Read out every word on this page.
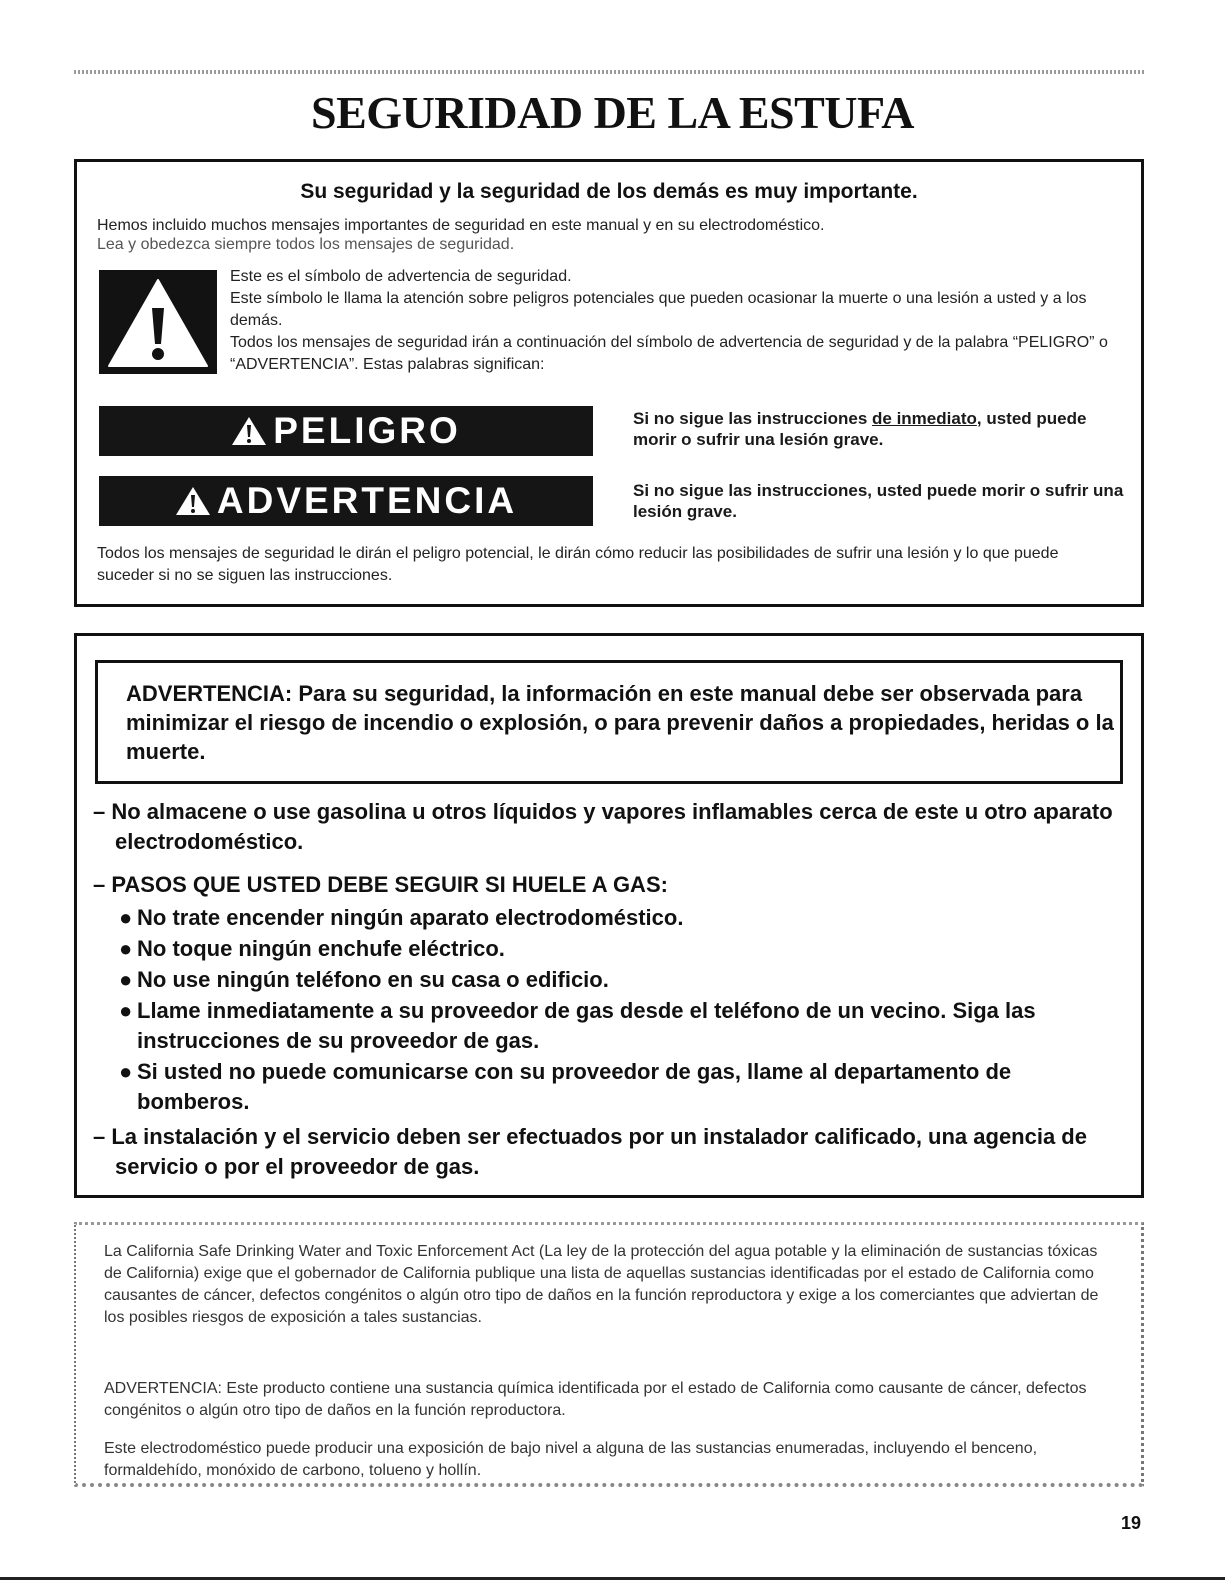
SEGURIDAD DE LA ESTUFA
Su seguridad y la seguridad de los demás es muy importante.

Hemos incluido muchos mensajes importantes de seguridad en este manual y en su electrodoméstico.

Lea y obedezca siempre todos los mensajes de seguridad.

Este es el símbolo de advertencia de seguridad.

Este símbolo le llama la atención sobre peligros potenciales que pueden ocasionar la muerte o una lesión a usted y a los demás.

Todos los mensajes de seguridad irán a continuación del símbolo de advertencia de seguridad y de la palabra “PELIGRO” o “ADVERTENCIA”. Estas palabras significan:

PELIGRO	Si no sigue las instrucciones de inmediato, usted puede morir o sufrir una lesión grave.

ADVERTENCIA	Si no sigue las instrucciones, usted puede morir o sufrir una lesión grave.

Todos los mensajes de seguridad le dirán el peligro potencial, le dirán cómo reducir las posibilidades de sufrir una lesión y lo que puede suceder si no se siguen las instrucciones.

ADVERTENCIA: Para su seguridad, la información en este manual debe ser observada para minimizar el riesgo de incendio o explosión, o para prevenir daños a propiedades, heridas o la muerte.

– No almacene o use gasolina u otros líquidos y vapores inflamables cerca de este u otro aparato electrodoméstico.

– PASOS QUE USTED DEBE SEGUIR SI HUELE A GAS:

● No trate encender ningún aparato electrodoméstico.
● No toque ningún enchufe eléctrico.
● No use ningún teléfono en su casa o edificio.
● Llame inmediatamente a su proveedor de gas desde el teléfono de un vecino. Siga las instrucciones de su proveedor de gas.
● Si usted no puede comunicarse con su proveedor de gas, llame al departamento de bomberos.

– La instalación y el servicio deben ser efectuados por un instalador calificado, una agencia de servicio o por el proveedor de gas.

La California Safe Drinking Water and Toxic Enforcement Act (La ley de la protección del agua potable y la eliminación de sustancias tóxicas de California) exige que el gobernador de California publique una lista de aquellas sustancias identificadas por el estado de California como causantes de cáncer, defectos congénitos o algún otro tipo de daños en la función reproductora y exige a los comerciantes que adviertan de los posibles riesgos de exposición a tales sustancias.

ADVERTENCIA: Este producto contiene una sustancia química identificada por el estado de California como causante de cáncer, defectos congénitos o algún otro tipo de daños en la función reproductora.

Este electrodoméstico puede producir una exposición de bajo nivel a alguna de las sustancias enumeradas, incluyendo el benceno, formaldehído, monóxido de carbono, tolueno y hollín.

19
